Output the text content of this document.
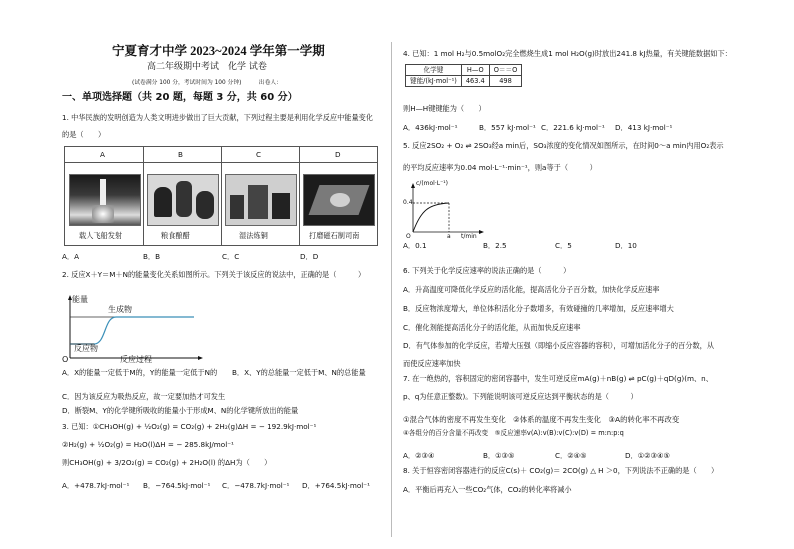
宁夏育才中学 2023~2024 学年第一学期
高二年级期中考试　化学 试卷
(试卷满分 100 分，考试时间为 100 分钟)　　　出卷人：
一、单项选择题（共 20 题，每题 3 分，共 60 分）
1. 中华民族的发明创造为人类文明进步做出了巨大贡献，下列过程主要是利用化学反应中能量变化
的是（　　）
A	B	C	D
载人飞船发射	粮食酿醋	湿法炼铜	打磨磁石制司南
A．A	B．B	C．C	D．D
2. 反应X＋Y＝M＋N的能量变化关系如图所示。下列关于该反应的说法中，正确的是（　　　）
能量
生成物
反应物
O	反应过程
A．X的能量一定低于M的，Y的能量一定低于N的 B．X、Y的总能量一定低于M、N的总能量
C．因为该反应为吸热反应，故一定要加热才可发生
D．断裂M、Y的化学键所吸收的能量小于形成M、N的化学键所放出的能量
3. 已知：①CH₃OH(g) + ½O₂(g) = CO₂(g) + 2H₂(g)ΔH = − 192.9kJ·mol⁻¹
②H₂(g) + ½O₂(g) = H₂O(l)ΔH = − 285.8kJ/mol⁻¹
则CH₃OH(g) + 3/2O₂(g) = CO₂(g) + 2H₂O(l) 的ΔH为（　　）
A．+478.7kJ·mol⁻¹ B．−764.5kJ·mol⁻¹ C．−478.7kJ·mol⁻¹ D．+764.5kJ·mol⁻¹
4. 已知：1 mol H₂与0.5molO₂完全燃烧生成1 mol H₂O(g)时放出241.8 kJ热量，有关键能数据如下：
化学键	H—O	O＝＝O
键能/(kJ·mol⁻¹)	463.4	498
则H—H键键能为（　　）
A．436kJ·mol⁻¹	B．557 kJ·mol⁻¹ C．221.6 kJ·mol⁻¹ D．413 kJ·mol⁻¹
5. 反应2SO₂ + O₂ ⇌ 2SO₃经a min后，SO₃浓度的变化情况如图所示，在时间0～a min内用O₂表示
的平均反应速率为0.04 mol·L⁻¹·min⁻¹，则a等于（　　　）
c/(mol·L⁻¹)
0.4
O	a t/min
A．0.1	B．2.5	C．5	D．10
6. 下列关于化学反应速率的说法正确的是（　　　）
A．升高温度可降低化学反应的活化能，提高活化分子百分数，加快化学反应速率
B．反应物浓度增大，单位体积活化分子数增多，有效碰撞的几率增加，反应速率增大
C．催化剂能提高活化分子的活化能，从而加快反应速率
D．有气体参加的化学反应，若增大压强（即缩小反应容器的容积），可增加活化分子的百分数，从
而使反应速率加快
7. 在一绝热的，容积固定的密闭容器中，发生可逆反应mA(g)＋nB(g) ⇌ pC(g)＋qD(g)(m、n、
p、q为任意正整数)。下列能说明该可逆反应达到平衡状态的是（　　　）
①混合气体的密度不再发生变化　②体系的温度不再发生变化　③A的转化率不再改变
④各组分的百分含量不再改变　⑤反应速率v(A):v(B):v(C):v(D) = m:n:p:q
A．②③④	B．①③⑤	C．②④⑤	D．①②③④⑤
8. 关于恒容密闭容器进行的反应C(s)＋ CO₂(g)＝ 2CO(g) △ H ＞0，下列说法不正确的是（　　）
A．平衡后再充入一些CO₂气体，CO₂的转化率将减小
